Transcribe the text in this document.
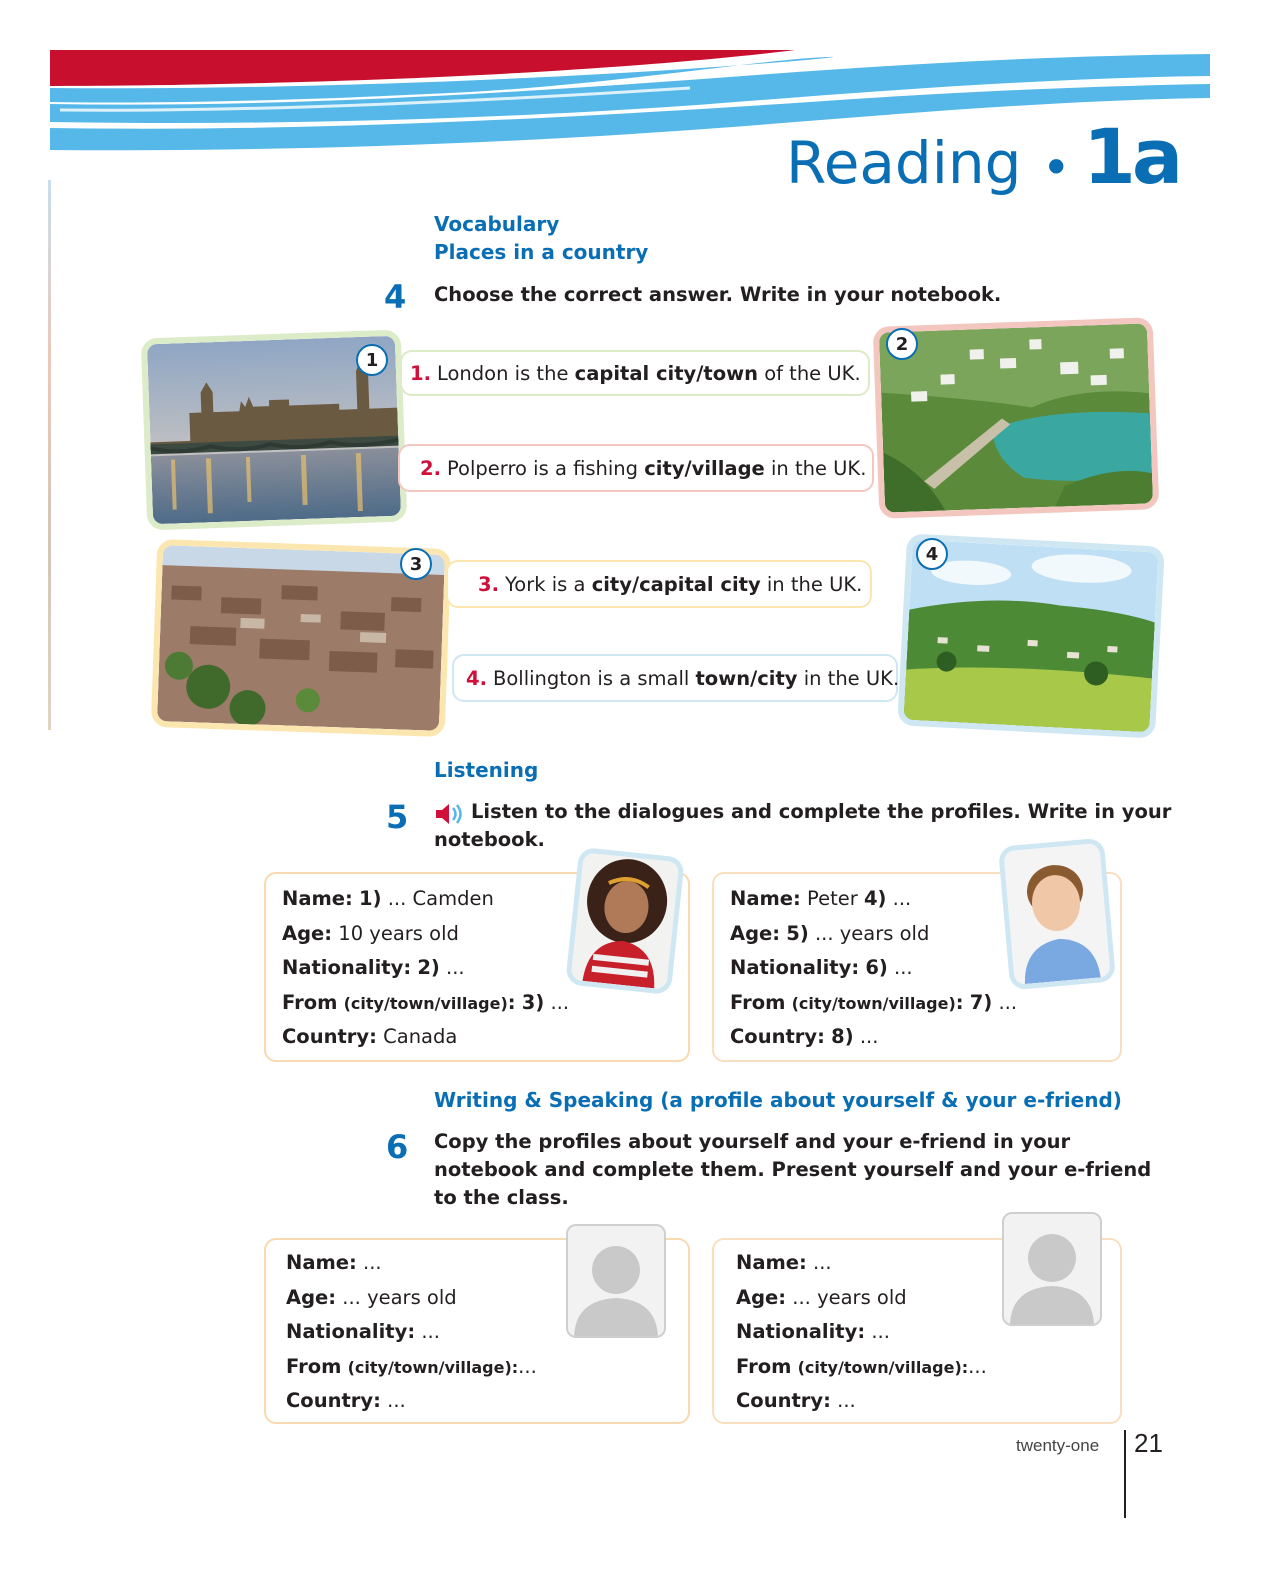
Reading • 1a
Vocabulary
Places in a country
4 Choose the correct answer. Write in your notebook.
1
1. London is the
capital city/town
of the UK.
2
2. Polperro is a fishing
city/village
in the UK.
3
3. York is a
city/capital city
in the UK.
4
4. Bollington is a small
town/city
in the UK.
Listening
5	Listen to the dialogues and complete the profiles. Write in your
notebook.
Name: 1) ... Camden
Age: 10 years old
Nationality: 2) ...
From (city/town/village): 3) ...
Country: Canada
Name: Peter 4) ...
Age: 5) ... years old
Nationality: 6) ...
From (city/town/village): 7) ...
Country: 8) ...
Writing & Speaking (a profile about yourself & your e-friend)
6 Copy the profiles about yourself and your e-friend in your
notebook and complete them. Present yourself and your e-friend
to the class.
Name: ...
Age: ... years old
Nationality: ...
From (city/town/village):...
Country: ...
Name: ...
Age: ... years old
Nationality: ...
From (city/town/village):...
Country: ...
twenty-one 21
